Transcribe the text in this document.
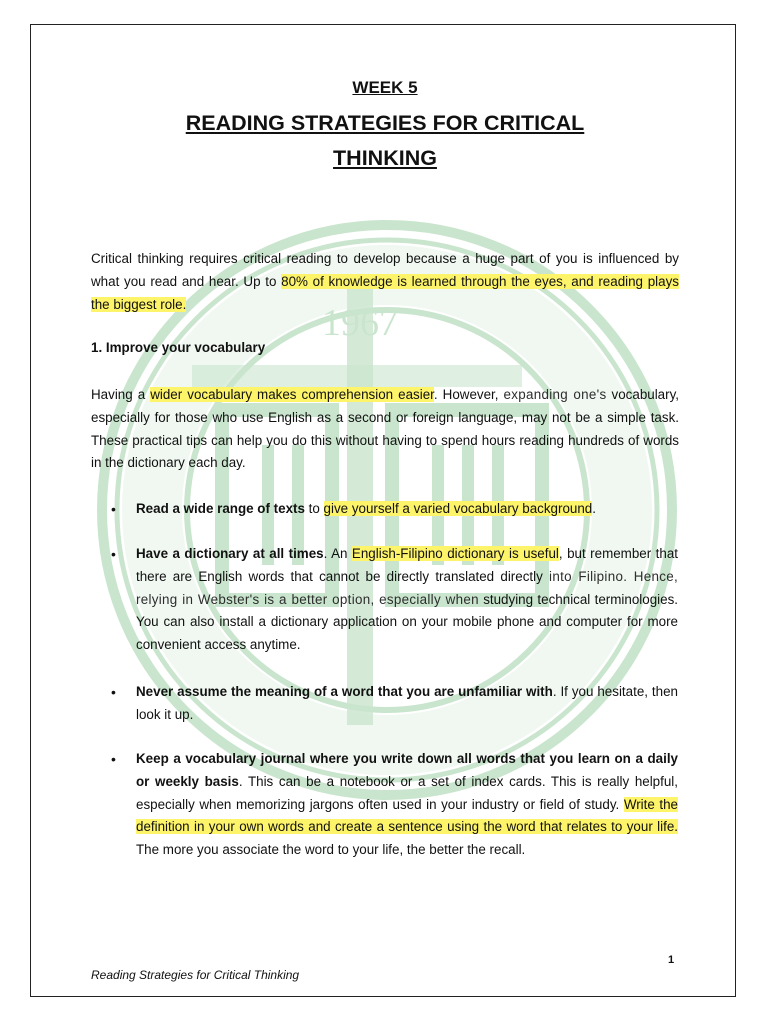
1967
WEEK 5
READING STRATEGIES FOR CRITICAL
THINKING
Critical thinking requires critical reading to develop because a huge part of you is influenced by what you read and hear. Up to 80% of knowledge is learned through the eyes, and reading plays the biggest role.
1. Improve your vocabulary
Having a wider vocabulary makes comprehension easier. However, expanding one's vocabulary, especially for those who use English as a second or foreign language, may not be a simple task. These practical tips can help you do this without having to spend hours reading hundreds of words in the dictionary each day.
• Read a wide range of texts to give yourself a varied vocabulary background.
• Have a dictionary at all times. An English-Filipino dictionary is useful, but remember that there are English words that cannot be directly translated directly into Filipino. Hence, relying in Webster's is a better option, especially when studying technical terminologies. You can also install a dictionary application on your mobile phone and computer for more convenient access anytime.
• Never assume the meaning of a word that you are unfamiliar with. If you hesitate, then look it up.
• Keep a vocabulary journal where you write down all words that you learn on a daily or weekly basis. This can be a notebook or a set of index cards. This is really helpful, especially when memorizing jargons often used in your industry or field of study. Write the definition in your own words and create a sentence using the word that relates to your life. The more you associate the word to your life, the better the recall.
1
Reading Strategies for Critical Thinking
